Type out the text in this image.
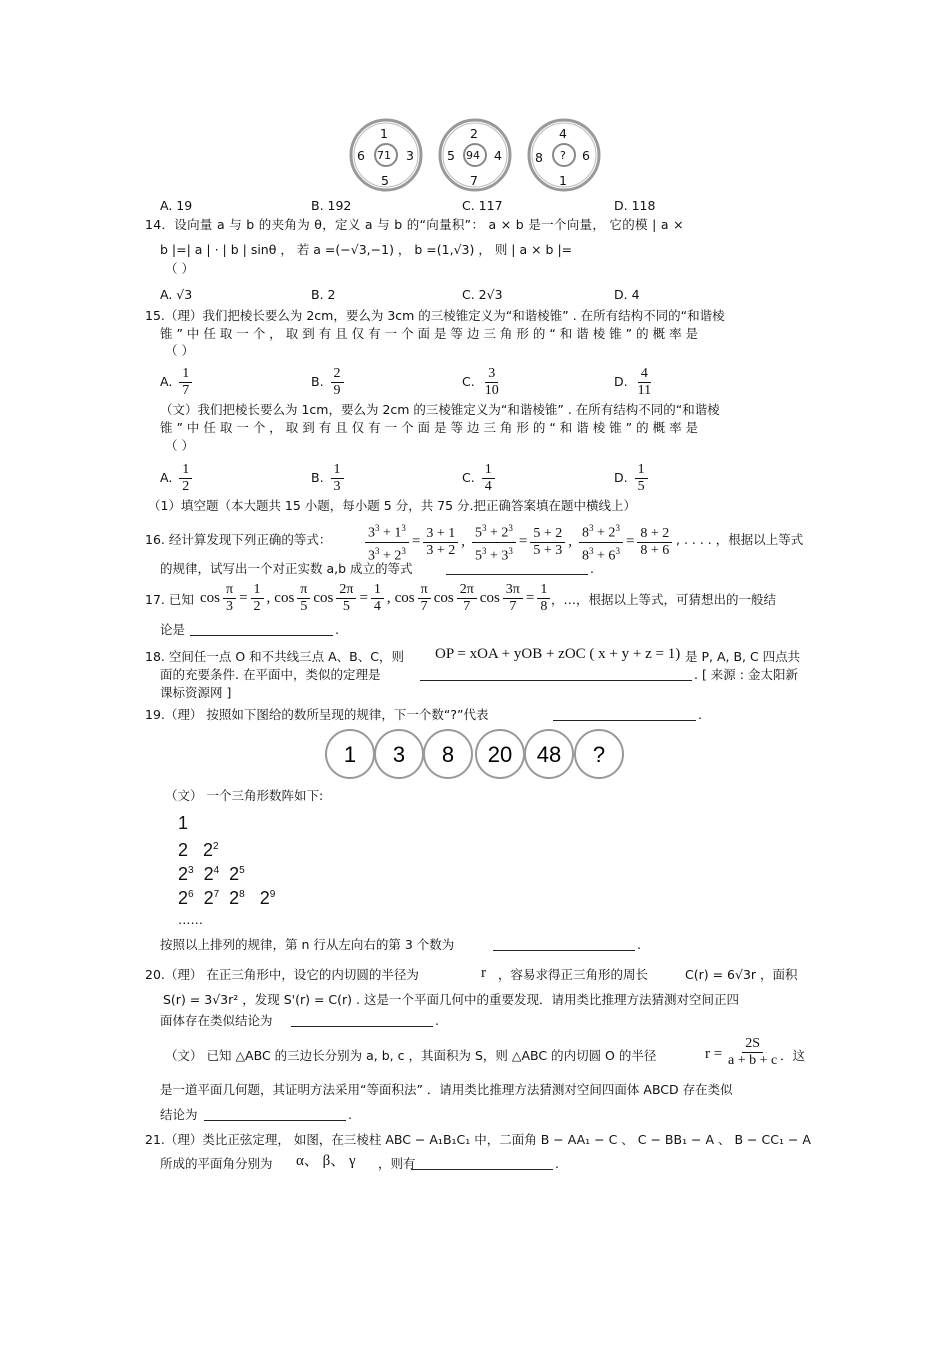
1
6 71 3
5
2
5 94 4
7
4
8 ? 6
1
A. 19	B. 192	C. 117	D. 118
14．设向量 a 与 b 的夹角为 θ，定义 a 与 b 的“向量积”： a × b 是一个向量， 它的模 | a ×
b |=| a | · | b | sinθ ， 若 a =(−√3,−1) ， b =(1,√3) ， 则 | a × b |=
（ ）
A. √3	B. 2	C. 2√3	D. 4
15.（理）我们把棱长要么为 2cm，要么为 3cm 的三棱锥定义为“和谐棱锥” . 在所有结构不同的“和谐棱
锥 ” 中 任 取 一 个 ， 取 到 有 且 仅 有 一 个 面 是 等 边 三 角 形 的 “ 和 谐 棱 锥 ” 的 概 率 是
（ ）
A. $\frac{1}{7}$	B. $\frac{2}{9}$	C. $\frac{3}{10}$	D. $\frac{4}{11}$
（文）我们把棱长要么为 1cm，要么为 2cm 的三棱锥定义为“和谐棱锥” . 在所有结构不同的“和谐棱
锥 ” 中 任 取 一 个 ， 取 到 有 且 仅 有 一 个 面 是 等 边 三 角 形 的 “ 和 谐 棱 锥 ” 的 概 率 是
（ ）
A. $\frac{1}{2}$	B. $\frac{1}{3}$	C. $\frac{1}{4}$	D. $\frac{1}{5}$
（1）填空题（本大题共 15 小题，每小题 5 分，共 75 分.把正确答案填在题中横线上）
16. 经计算发现下列正确的等式： $\frac{3^3 + 1^3}{3^3 + 2^3} = \frac{3 + 1}{3 + 2}$ , $\frac{5^3 + 2^3}{5^3 + 3^3} = \frac{5 + 2}{5 + 3}$ , $\frac{8^3 + 2^3}{8^3 + 6^3} = \frac{8 + 2}{8 + 6}$ , . . . . ，根据以上等式
的规律，试写出一个对正实数 a,b 成立的等式	.
17. 已知 $\cos \frac{\pi}{3} = \frac{1}{2}$ , $\cos \frac{\pi}{5}$ $\cos \frac{2\pi}{5} = \frac{1}{4}$ , $\cos \frac{\pi}{7}$ $\cos \frac{2\pi}{7}$ $\cos \frac{3\pi}{7} = \frac{1}{8}$ ，…，根据以上等式，可猜想出的一般结
论是	.
18. 空间任一点 O 和不共线三点 A、B、C，则 OP = xOA + yOB + zOC ( x + y + z = 1) 是 P, A, B, C 四点共
面的充要条件. 在平面中，类似的定理是	. [ 来源 : 金太阳新
课标资源网 ]
19.（理） 按照如下图给的数所呈现的规律，下一个数“?”代表	.
1 3 8 20 48 ?
（文） 一个三角形数阵如下:
1
2   $2^2$
$2^3$  $2^4$  $2^5$
$2^6$  $2^7$  $2^8$   $2^9$
……
按照以上排列的规律，第 n 行从左向右的第 3 个数为	.
20.（理） 在正三角形中，设它的内切圆的半径为	r ，容易求得正三角形的周长	C(r) = 6√3r ，面积
S(r) = 3√3r² ，发现 S'(r) = C(r) . 这是一个平面几何中的重要发现．请用类比推理方法猜测对空间正四
面体存在类似结论为	.
（文） 已知 △ABC 的三边长分别为 a, b, c ，其面积为 S，则 △ABC 的内切圆 O 的半径	$r = \frac{2S}{a + b + c}$ ．这
是一道平面几何题，其证明方法采用“等面积法” ．请用类比推理方法猜测对空间四面体 ABCD 存在类似
结论为	.
21.（理）类比正弦定理， 如图，在三棱柱 ABC − A₁B₁C₁ 中，二面角 B − AA₁ − C 、 C − BB₁ − A 、 B − CC₁ − A
所成的平面角分别为 α、 β、 γ ，则有	.
